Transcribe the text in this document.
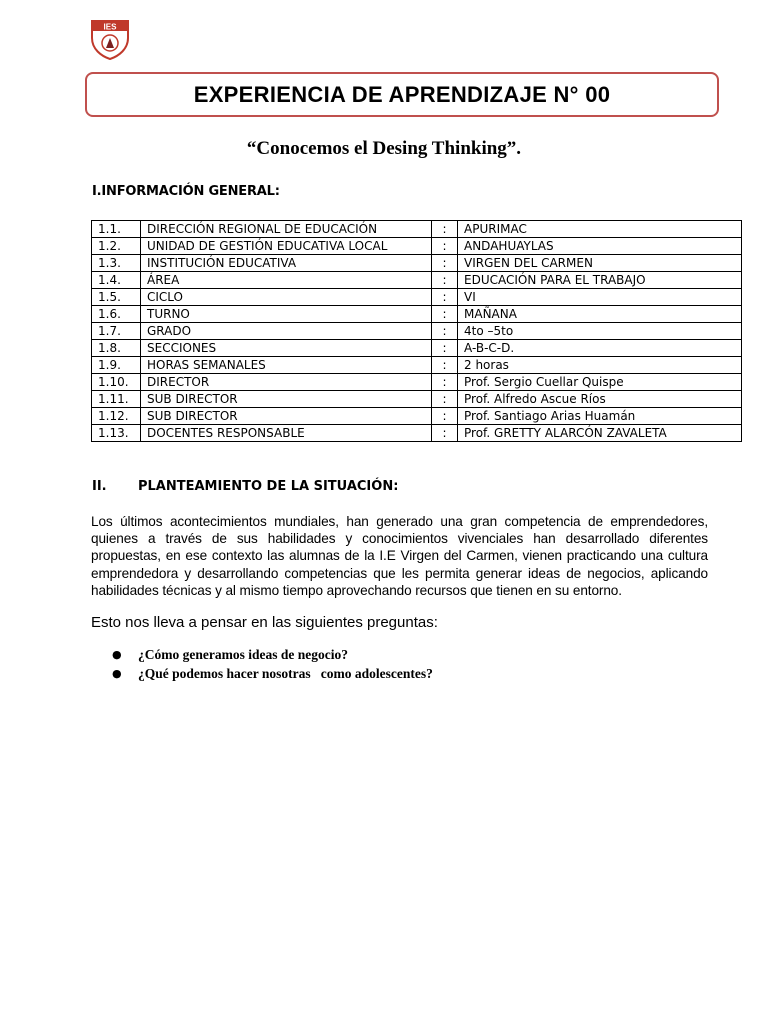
IES
EXPERIENCIA DE APRENDIZAJE N° 00
“Conocemos el Desing Thinking”.
I.INFORMACIÓN GENERAL:
1.1.	DIRECCIÓN REGIONAL DE EDUCACIÓN	:	APURIMAC
1.2.	UNIDAD DE GESTIÓN EDUCATIVA LOCAL	:	ANDAHUAYLAS
1.3.	INSTITUCIÓN EDUCATIVA	:	VIRGEN DEL CARMEN
1.4.	ÁREA	:	EDUCACIÓN PARA EL TRABAJO
1.5.	CICLO	:	VI
1.6.	TURNO	:	MAÑANA
1.7.	GRADO	:	4to –5to
1.8.	SECCIONES	:	A-B-C-D.
1.9.	HORAS SEMANALES	:	2 horas
1.10.	DIRECTOR	:	Prof. Sergio Cuellar Quispe
1.11.	SUB DIRECTOR	:	Prof. Alfredo Ascue Ríos
1.12.	SUB DIRECTOR	:	Prof. Santiago Arias Huamán
1.13.	DOCENTES RESPONSABLE	:	Prof. GRETTY ALARCÓN ZAVALETA
II. PLANTEAMIENTO DE LA SITUACIÓN:
Los últimos acontecimientos mundiales, han generado una gran competencia de emprendedores, quienes a través de sus habilidades y conocimientos vivenciales han desarrollado diferentes propuestas, en ese contexto las alumnas de la I.E Virgen del Carmen, vienen practicando una cultura emprendedora y desarrollando competencias que les permita generar ideas de negocios, aplicando habilidades técnicas y al mismo tiempo aprovechando recursos que tienen en su entorno.
Esto nos lleva a pensar en las siguientes preguntas:
● ¿Cómo generamos ideas de negocio?
● ¿Qué podemos hacer nosotras   como adolescentes?
